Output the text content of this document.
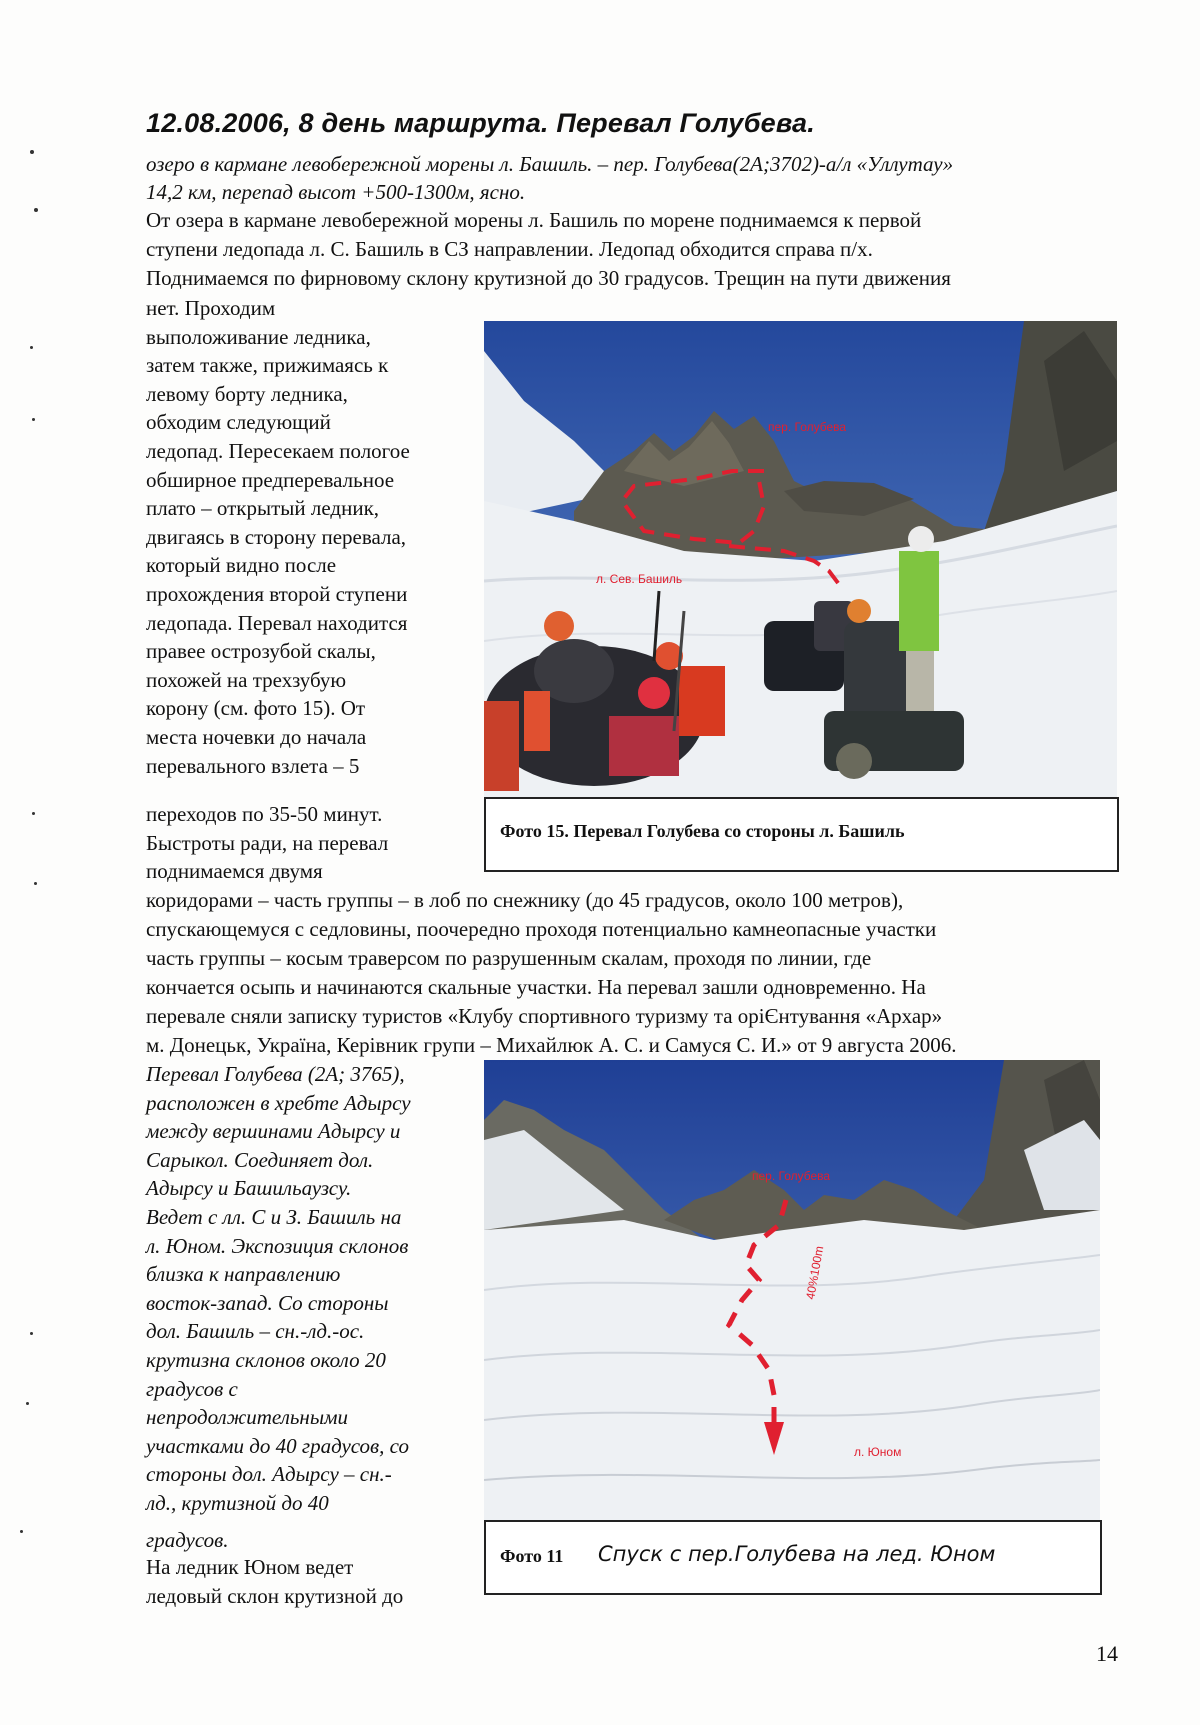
12.08.2006, 8 день маршрута. Перевал Голубева.
озеро в кармане левобережной морены л. Башиль. – пер. Голубева(2А;3702)-а/л «Уллутау»
14,2 км, перепад высот +500-1300м, ясно.
От озера в кармане левобережной морены л. Башиль по морене поднимаемся к первой
ступени ледопада л. С. Башиль в СЗ направлении. Ледопад обходится справа п/х.
Поднимаемся по фирновому склону крутизной до 30 градусов. Трещин на пути движения
нет. Проходим
выположивание ледника,
затем также, прижимаясь к
левому борту ледника,
обходим следующий
ледопад. Пересекаем пологое
обширное предперевальное
плато – открытый ледник,
двигаясь в сторону перевала,
который видно после
прохождения второй ступени
ледопада. Перевал находится
правее острозубой скалы,
похожей на трехзубую
корону (см. фото 15). От
места ночевки до начала
перевального взлета – 5
переходов по 35-50 минут.
Быстроты ради, на перевал
поднимаемся двумя
пер. Голубева
л. Сев. Башиль
Фото 15. Перевал Голубева со стороны л. Башиль
коридорами – часть группы – в лоб по снежнику (до 45 градусов, около 100 метров),
спускающемуся с седловины, поочередно проходя потенциально камнеопасные участки
часть группы – косым траверсом по разрушенным скалам, проходя по линии, где
кончается осыпь и начинаются скальные участки. На перевал зашли одновременно. На
перевале сняли записку туристов «Клубу спортивного туризму та орiЄнтування «Архар»
м. Донецьк, Украïна, Керiвник групи – Михайлюк А. С. и Самуся С. И.» от 9 августа 2006.
Перевал Голубева (2А; 3765),
расположен в хребте Адырсу
между вершинами Адырсу и
Сарыкол. Соединяет дол.
Адырсу и Башильаузсу.
Ведет с лл. С и З. Башиль на
л. Юном. Экспозиция склонов
близка к направлению
восток-запад. Со стороны
дол. Башиль – сн.-лд.-ос.
крутизна склонов около 20
градусов с
непродолжительными
участками до 40 градусов, со
стороны дол. Адырсу – сн.-
лд., крутизной до 40
градусов.
На ледник Юном ведет
ледовый склон крутизной до
пер. Голубева
40%100m
л. Юном
Фото 11 Спуск с пер.Голубева на лед. Юном
14
